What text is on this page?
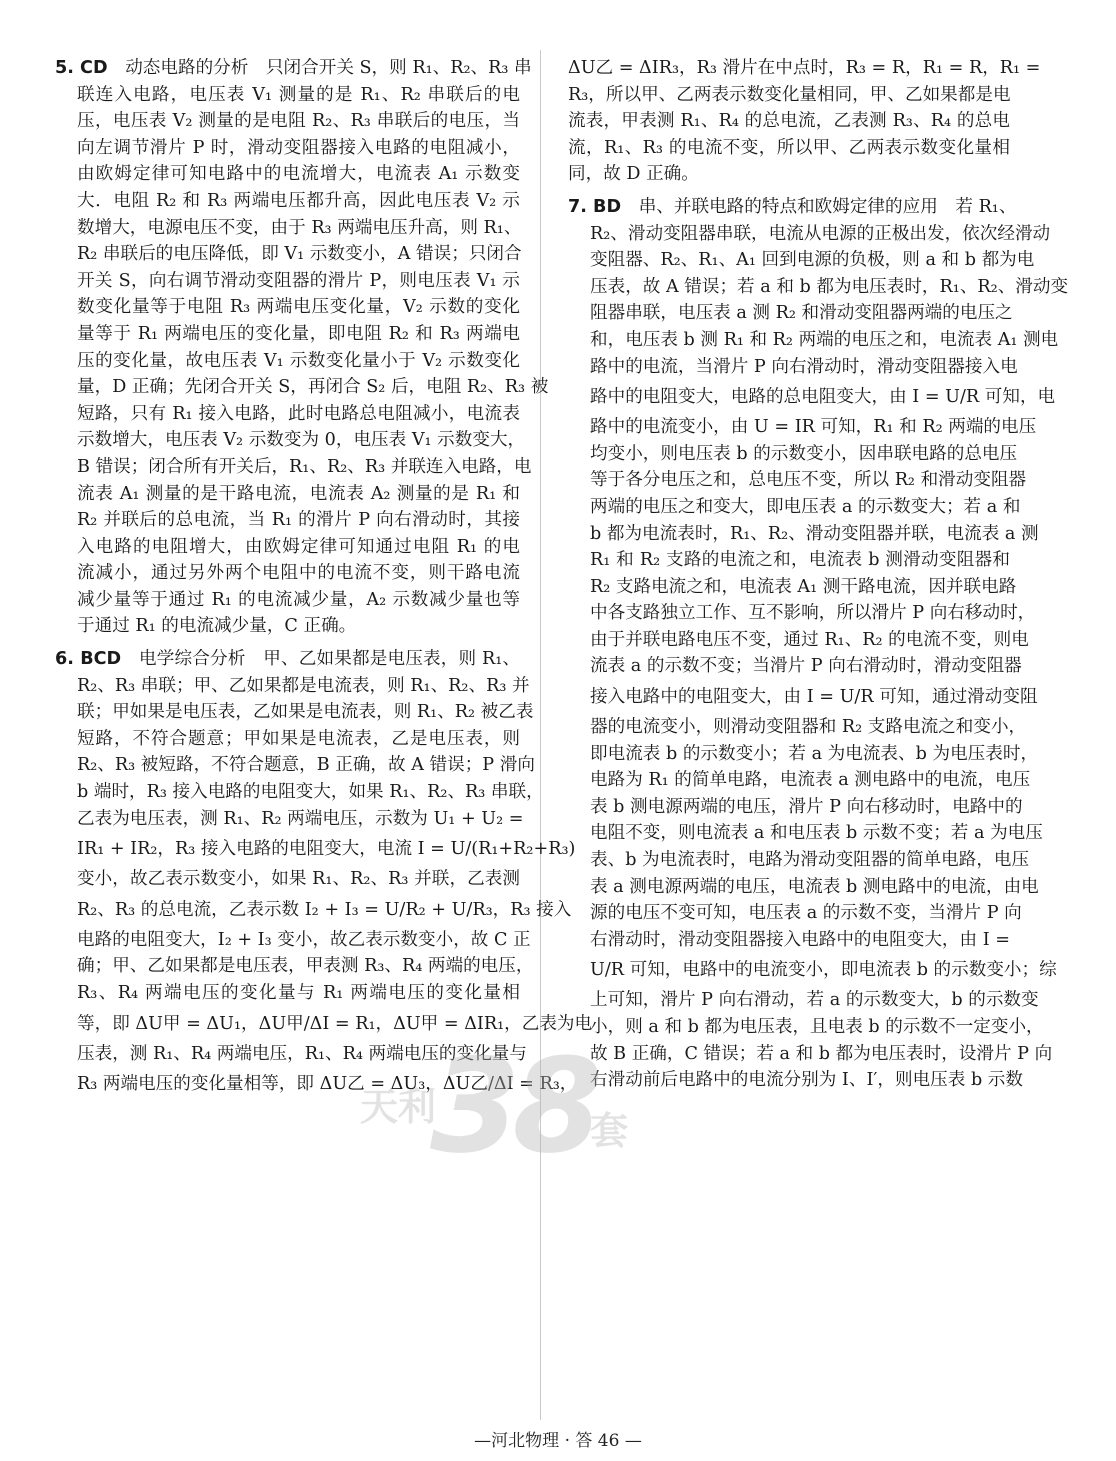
5. CD　 动态电路的分析　只闭合开关 S，则 R₁、R₂、R₃ 串
联连入电路，电压表 V₁ 测量的是 R₁、R₂ 串联后的电
压，电压表 V₂ 测量的是电阻 R₂、R₃ 串联后的电压，当
向左调节滑片 P 时，滑动变阻器接入电路的电阻减小，
由欧姆定律可知电路中的电流增大，电流表 A₁ 示数变
大．电阻 R₂ 和 R₃ 两端电压都升高，因此电压表 V₂ 示
数增大，电源电压不变，由于 R₃ 两端电压升高，则 R₁、
R₂ 串联后的电压降低，即 V₁ 示数变小，A 错误；只闭合
开关 S，向右调节滑动变阻器的滑片 P，则电压表 V₁ 示
数变化量等于电阻 R₃ 两端电压变化量，V₂ 示数的变化
量等于 R₁ 两端电压的变化量，即电阻 R₂ 和 R₃ 两端电
压的变化量，故电压表 V₁ 示数变化量小于 V₂ 示数变化
量，D 正确；先闭合开关 S，再闭合 S₂ 后，电阻 R₂、R₃ 被
短路，只有 R₁ 接入电路，此时电路总电阻减小，电流表
示数增大，电压表 V₂ 示数变为 0，电压表 V₁ 示数变大，
B 错误；闭合所有开关后，R₁、R₂、R₃ 并联连入电路，电
流表 A₁ 测量的是干路电流，电流表 A₂ 测量的是 R₁ 和
R₂ 并联后的总电流，当 R₁ 的滑片 P 向右滑动时，其接
入电路的电阻增大，由欧姆定律可知通过电阻 R₁ 的电
流减小，通过另外两个电阻中的电流不变，则干路电流
减少量等于通过 R₁ 的电流减少量，A₂ 示数减少量也等
于通过 R₁ 的电流减少量，C 正确。
6. BCD　 电学综合分析　甲、乙如果都是电压表，则 R₁、
R₂、R₃ 串联；甲、乙如果都是电流表，则 R₁、R₂、R₃ 并
联；甲如果是电压表，乙如果是电流表，则 R₁、R₂ 被乙表
短路，不符合题意；甲如果是电流表，乙是电压表，则
R₂、R₃ 被短路，不符合题意，B 正确，故 A 错误；P 滑向
b 端时，R₃ 接入电路的电阻变大，如果 R₁、R₂、R₃ 串联，
乙表为电压表，测 R₁、R₂ 两端电压，示数为 U₁ + U₂ =
IR₁ + IR₂，R₃ 接入电路的电阻变大，电流 I = U/(R₁+R₂+R₃)
变小，故乙表示数变小，如果 R₁、R₂、R₃ 并联，乙表测
R₂、R₃ 的总电流，乙表示数 I₂ + I₃ = U/R₂ + U/R₃，R₃ 接入
电路的电阻变大，I₂ + I₃ 变小，故乙表示数变小，故 C 正
确；甲、乙如果都是电压表，甲表测 R₃、R₄ 两端的电压，
R₃、R₄ 两端电压的变化量与 R₁ 两端电压的变化量相
等，即 ΔU甲 = ΔU₁，ΔU甲/ΔI = R₁，ΔU甲 = ΔIR₁，乙表为电
压表，测 R₁、R₄ 两端电压，R₁、R₄ 两端电压的变化量与
R₃ 两端电压的变化量相等，即 ΔU乙 = ΔU₃，ΔU乙/ΔI = R₃，
ΔU乙 = ΔIR₃，R₃ 滑片在中点时，R₃ = R，R₁ = R，R₁ =
R₃，所以甲、乙两表示数变化量相同，甲、乙如果都是电
流表，甲表测 R₁、R₄ 的总电流，乙表测 R₃、R₄ 的总电
流，R₁、R₃ 的电流不变，所以甲、乙两表示数变化量相
同，故 D 正确。
7. BD　 串、并联电路的特点和欧姆定律的应用　若 R₁、
R₂、滑动变阻器串联，电流从电源的正极出发，依次经滑动
变阻器、R₂、R₁、A₁ 回到电源的负极，则 a 和 b 都为电
压表，故 A 错误；若 a 和 b 都为电压表时，R₁、R₂、滑动变
阻器串联，电压表 a 测 R₂ 和滑动变阻器两端的电压之
和，电压表 b 测 R₁ 和 R₂ 两端的电压之和，电流表 A₁ 测电
路中的电流，当滑片 P 向右滑动时，滑动变阻器接入电
路中的电阻变大，电路的总电阻变大，由 I = U/R 可知，电
路中的电流变小，由 U = IR 可知，R₁ 和 R₂ 两端的电压
均变小，则电压表 b 的示数变小，因串联电路的总电压
等于各分电压之和，总电压不变，所以 R₂ 和滑动变阻器
两端的电压之和变大，即电压表 a 的示数变大；若 a 和
b 都为电流表时，R₁、R₂、滑动变阻器并联，电流表 a 测
R₁ 和 R₂ 支路的电流之和，电流表 b 测滑动变阻器和
R₂ 支路电流之和，电流表 A₁ 测干路电流，因并联电路
中各支路独立工作、互不影响，所以滑片 P 向右移动时，
由于并联电路电压不变，通过 R₁、R₂ 的电流不变，则电
流表 a 的示数不变；当滑片 P 向右滑动时，滑动变阻器
接入电路中的电阻变大，由 I = U/R 可知，通过滑动变阻
器的电流变小，则滑动变阻器和 R₂ 支路电流之和变小，
即电流表 b 的示数变小；若 a 为电流表、b 为电压表时，
电路为 R₁ 的简单电路，电流表 a 测电路中的电流，电压
表 b 测电源两端的电压，滑片 P 向右移动时，电路中的
电阻不变，则电流表 a 和电压表 b 示数不变；若 a 为电压
表、b 为电流表时，电路为滑动变阻器的简单电路，电压
表 a 测电源两端的电压，电流表 b 测电路中的电流，由电
源的电压不变可知，电压表 a 的示数不变，当滑片 P 向
右滑动时，滑动变阻器接入电路中的电阻变大，由 I =
U/R 可知，电路中的电流变小，即电流表 b 的示数变小；综
上可知，滑片 P 向右滑动，若 a 的示数变大，b 的示数变
小，则 a 和 b 都为电压表，且电表 b 的示数不一定变小，
故 B 正确，C 错误；若 a 和 b 都为电压表时，设滑片 P 向
右滑动前后电路中的电流分别为 I、I′，则电压表 b 示数
天利
38
套
—河北物理 · 答 46 —
